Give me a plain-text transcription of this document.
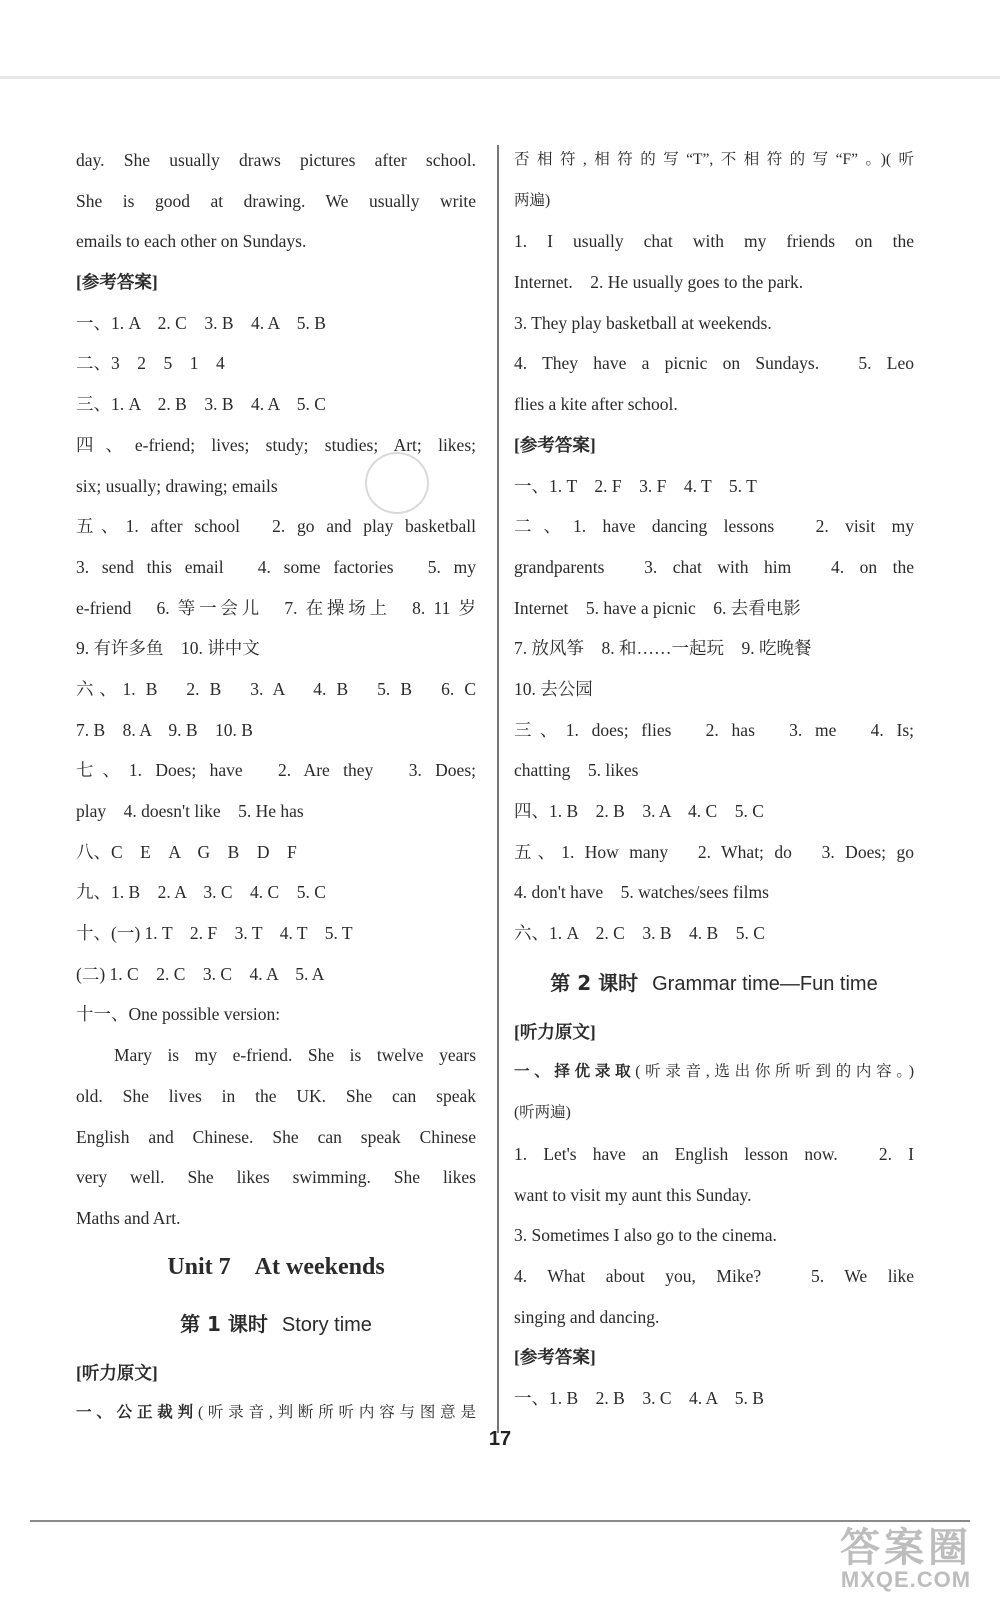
day. She usually draws pictures after school.
She is good at drawing. We usually write
emails to each other on Sundays.
[参考答案]
一、1. A　2. C　3. B　4. A　5. B
二、3　2　5　1　4
三、1. A　2. B　3. B　4. A　5. C
四、e-friend; lives; study; studies; Art; likes;
six; usually; drawing; emails
五、1. after school　2. go and play basketball
3. send this email　4. some factories　5. my
e-friend　6. 等一会儿　7. 在操场上　8. 11 岁
9. 有许多鱼　10. 讲中文
六、1. B　2. B　3. A　4. B　5. B　6. C
7. B　8. A　9. B　10. B
七、1. Does; have　2. Are they　3. Does;
play　4. doesn't like　5. He has
八、C　E　A　G　B　D　F
九、1. B　2. A　3. C　4. C　5. C
十、(一) 1. T　2. F　3. T　4. T　5. T
(二) 1. C　2. C　3. C　4. A　5. A
十一、One possible version:
Mary is my e-friend. She is twelve years
old. She lives in the UK. She can speak
English and Chinese. She can speak Chinese
very well. She likes swimming. She likes
Maths and Art.
Unit 7　At weekends
第 1 课时 Story time
[听力原文]
一、公正裁判(听录音,判断所听内容与图意是
否相符,相符的写“T”,不相符的写“F”。)(听
两遍)
1. I usually chat with my friends on the
Internet.　2. He usually goes to the park.
3. They play basketball at weekends.
4. They have a picnic on Sundays.　5. Leo
flies a kite after school.
[参考答案]
一、1. T　2. F　3. F　4. T　5. T
二、1. have dancing lessons　2. visit my
grandparents　3. chat with him　4. on the
Internet　5. have a picnic　6. 去看电影
7. 放风筝　8. 和……一起玩　9. 吃晚餐
10. 去公园
三、1. does; flies　2. has　3. me　4. Is;
chatting　5. likes
四、1. B　2. B　3. A　4. C　5. C
五、1. How many　2. What; do　3. Does; go
4. don't have　5. watches/sees films
六、1. A　2. C　3. B　4. B　5. C
第 2 课时 Grammar time—Fun time
[听力原文]
一、择优录取(听录音,选出你所听到的内容。)
(听两遍)
1. Let's have an English lesson now.　2. I
want to visit my aunt this Sunday.
3. Sometimes I also go to the cinema.
4. What about you, Mike?　5. We like
singing and dancing.
[参考答案]
一、1. B　2. B　3. C　4. A　5. B
17
答案圈
MXQE.COM
